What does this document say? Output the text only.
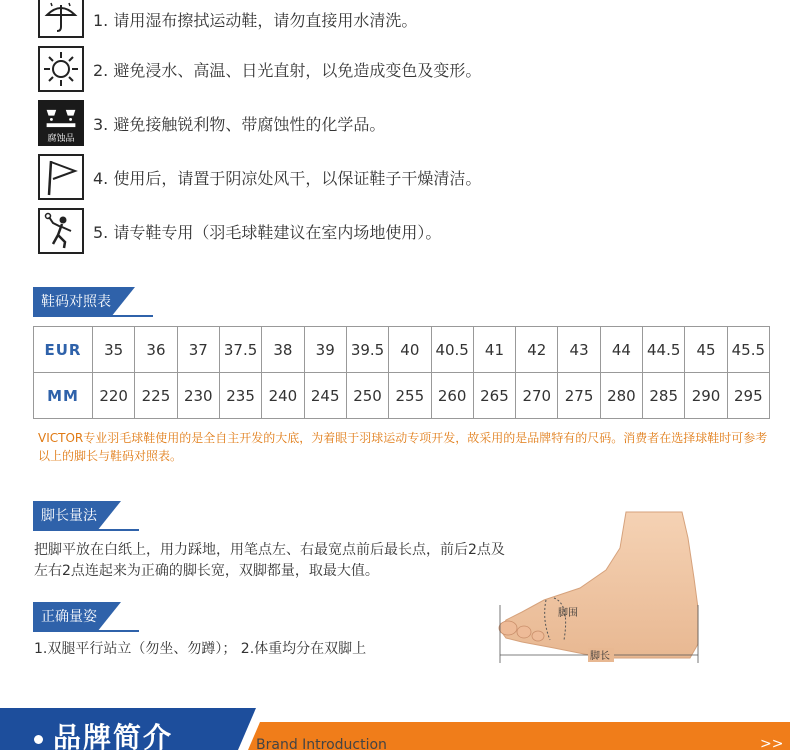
1. 请用湿布擦拭运动鞋，请勿直接用水清洗。
2. 避免浸水、高温、日光直射，以免造成变色及变形。
腐蚀品
3. 避免接触锐利物、带腐蚀性的化学品。
4. 使用后，请置于阴凉处风干，以保证鞋子干燥清洁。
5. 请专鞋专用（羽毛球鞋建议在室内场地使用）。
鞋码对照表
EUR	35	36	37	37.5	38	39	39.5	40	40.5	41	42	43	44	44.5	45	45.5
MM	220	225	230	235	240	245	250	255	260	265	270	275	280	285	290	295
VICTOR专业羽毛球鞋使用的是全自主开发的大底，为着眼于羽球运动专项开发，故采用的是品牌特有的尺码。消费者在选择球鞋时可参考以上的脚长与鞋码对照表。
脚长量法
把脚平放在白纸上，用力踩地，用笔点左、右最宽点前后最长点，前后2点及左右2点连起来为正确的脚长宽，双脚都量，取最大值。
正确量姿
1.双腿平行站立（勿坐、勿蹲）； 2.体重均分在双脚上
脚围
脚长
品牌简介	Brand Introduction	>>
